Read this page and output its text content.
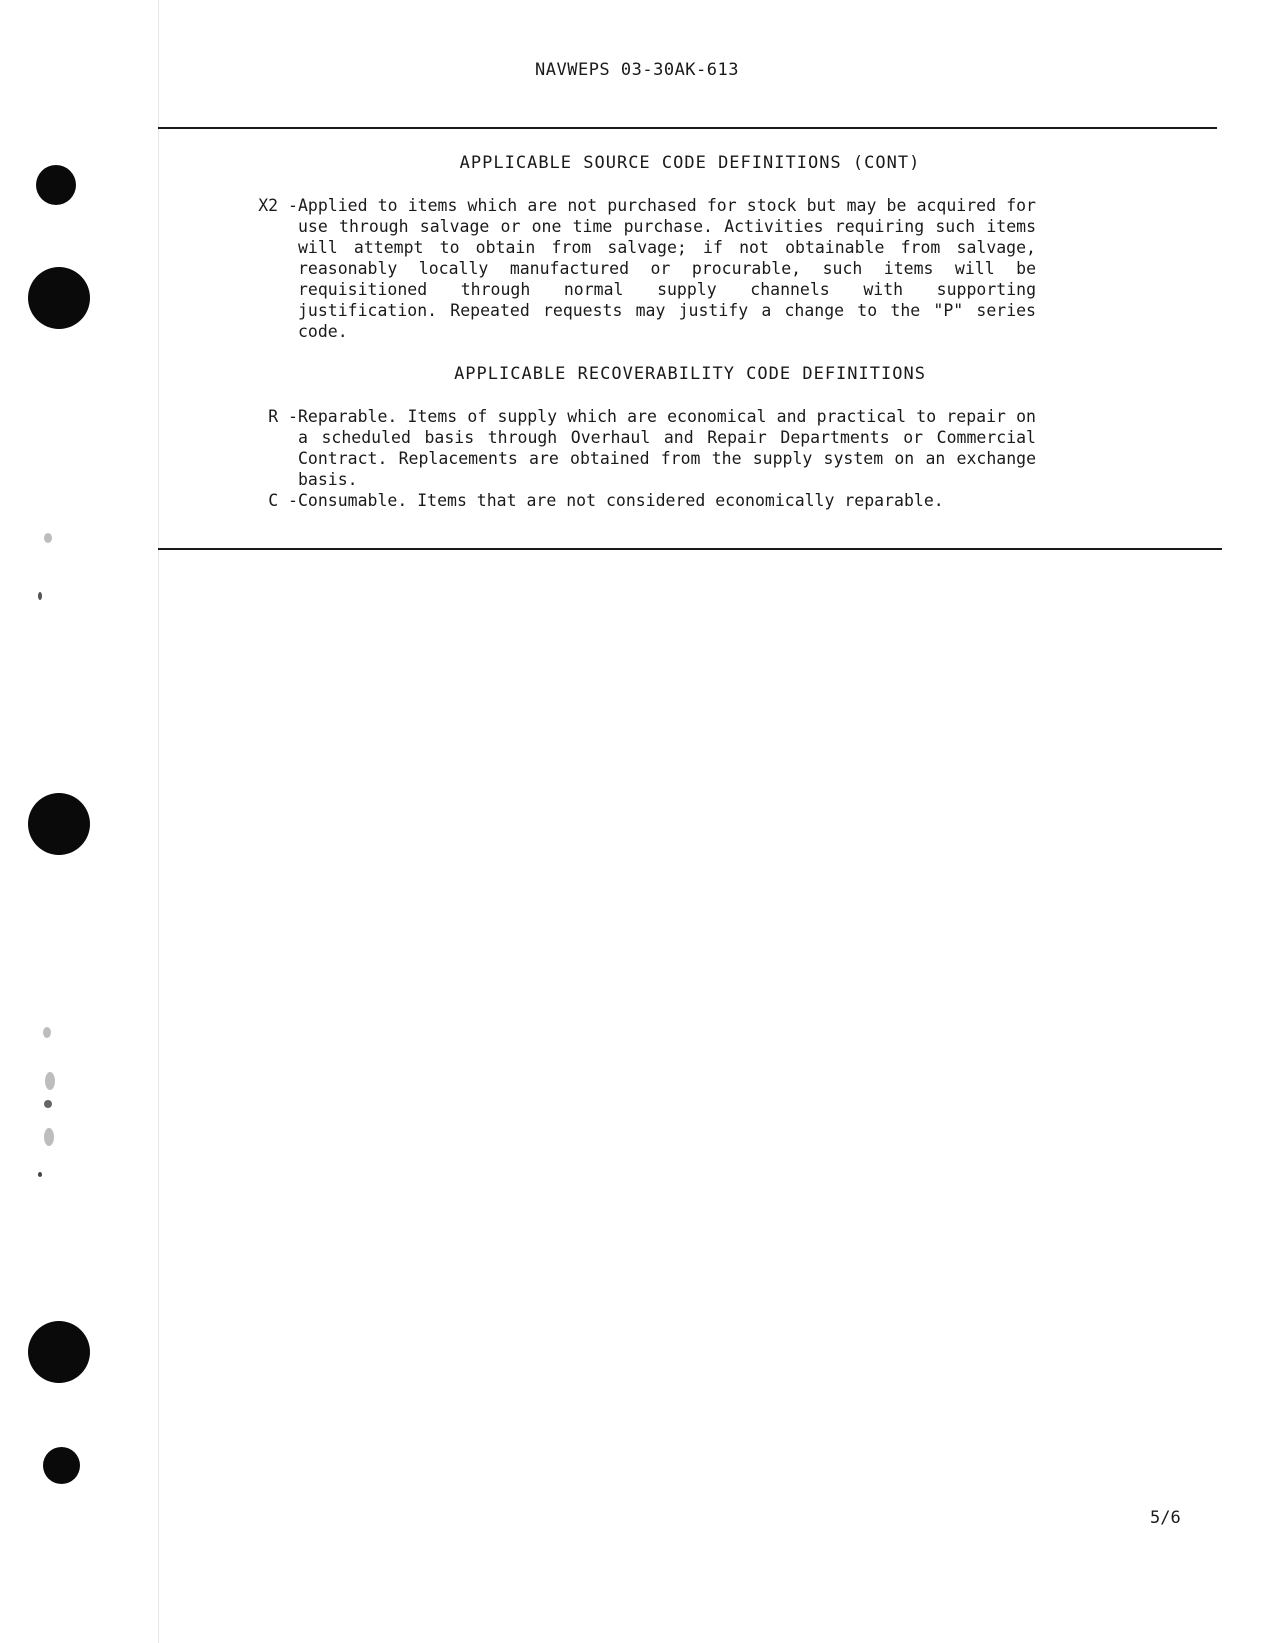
NAVWEPS 03-30AK-613
APPLICABLE SOURCE CODE DEFINITIONS (CONT)
X2 - Applied to items which are not purchased for stock but may be acquired for use through salvage or one time purchase. Activities requiring such items will attempt to obtain from salvage; if not obtainable from salvage, reasonably locally manufactured or procurable, such items will be requisitioned through normal supply channels with supporting justification. Repeated requests may justify a change to the "P" series code.
APPLICABLE RECOVERABILITY CODE DEFINITIONS
R - Reparable. Items of supply which are economical and practical to repair on a scheduled basis through Overhaul and Repair Departments or Commercial Contract. Replacements are obtained from the supply system on an exchange basis.
C - Consumable. Items that are not considered economically reparable.
5/6
